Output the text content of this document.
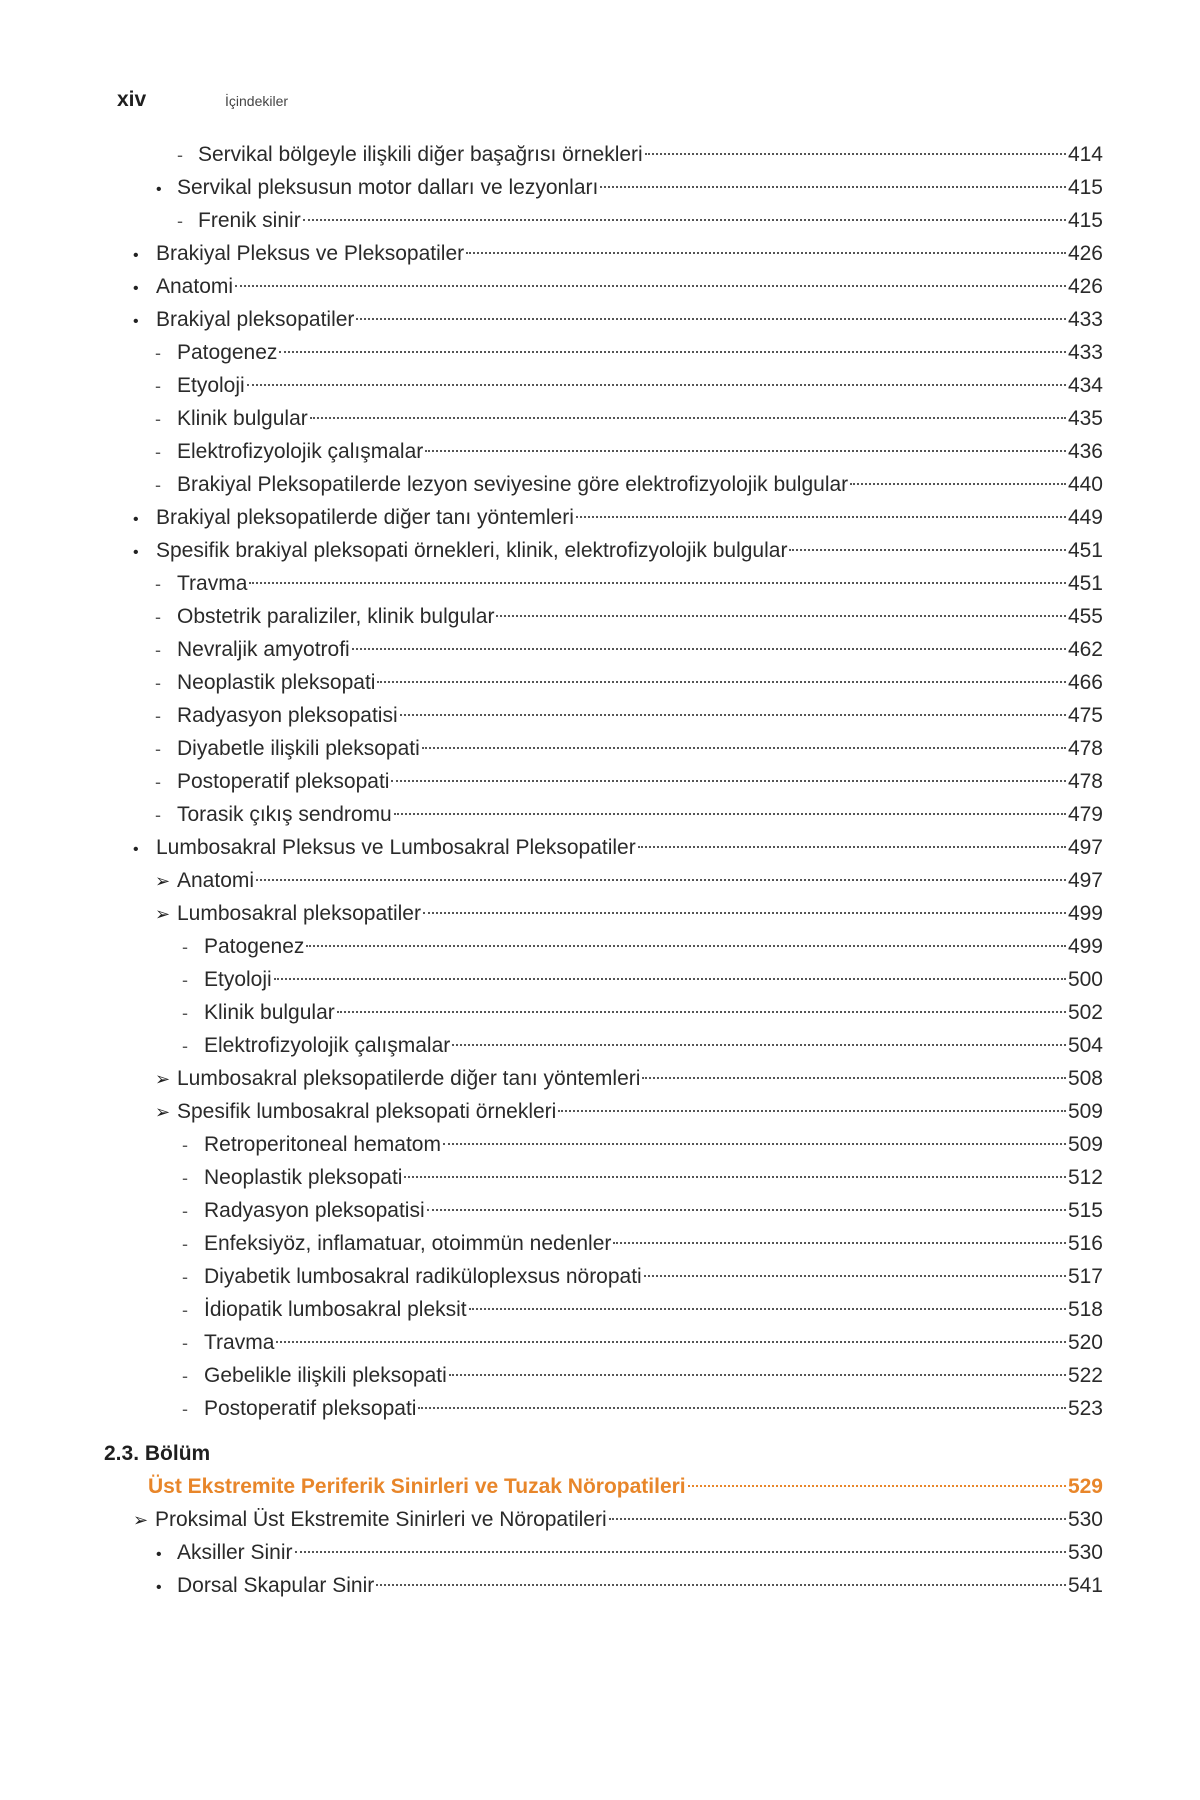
xiv	İçindekiler
- Servikal bölgeyle ilişkili diğer başağrısı örnekleri	414
• Servikal pleksusun motor dalları ve lezyonları	415
- Frenik sinir	415
• Brakiyal Pleksus ve Pleksopatiler	426
• Anatomi	426
• Brakiyal pleksopatiler	433
- Patogenez	433
- Etyoloji	434
- Klinik bulgular	435
- Elektrofizyolojik çalışmalar	436
- Brakiyal Pleksopatilerde lezyon seviyesine göre elektrofizyolojik bulgular	440
• Brakiyal pleksopatilerde diğer tanı yöntemleri	449
• Spesifik brakiyal pleksopati örnekleri, klinik, elektrofizyolojik bulgular	451
- Travma	451
- Obstetrik paraliziler, klinik bulgular	455
- Nevraljik amyotrofi	462
- Neoplastik pleksopati	466
- Radyasyon pleksopatisi	475
- Diyabetle ilişkili pleksopati	478
- Postoperatif pleksopati	478
- Torasik çıkış sendromu	479
• Lumbosakral Pleksus ve Lumbosakral Pleksopatiler	497
➢ Anatomi	497
➢ Lumbosakral pleksopatiler	499
- Patogenez	499
- Etyoloji	500
- Klinik bulgular	502
- Elektrofizyolojik çalışmalar	504
➢ Lumbosakral pleksopatilerde diğer tanı yöntemleri	508
➢ Spesifik lumbosakral pleksopati örnekleri	509
- Retroperitoneal hematom	509
- Neoplastik pleksopati	512
- Radyasyon pleksopatisi	515
- Enfeksiyöz, inflamatuar, otoimmün nedenler	516
- Diyabetik lumbosakral radiküloplexsus nöropati	517
- İdiopatik lumbosakral pleksit	518
- Travma	520
- Gebelikle ilişkili pleksopati	522
- Postoperatif pleksopati	523
2.3. Bölüm
Üst Ekstremite Periferik Sinirleri ve Tuzak Nöropatileri	529
➢ Proksimal Üst Ekstremite Sinirleri ve Nöropatileri	530
• Aksiller Sinir	530
• Dorsal Skapular Sinir	541
